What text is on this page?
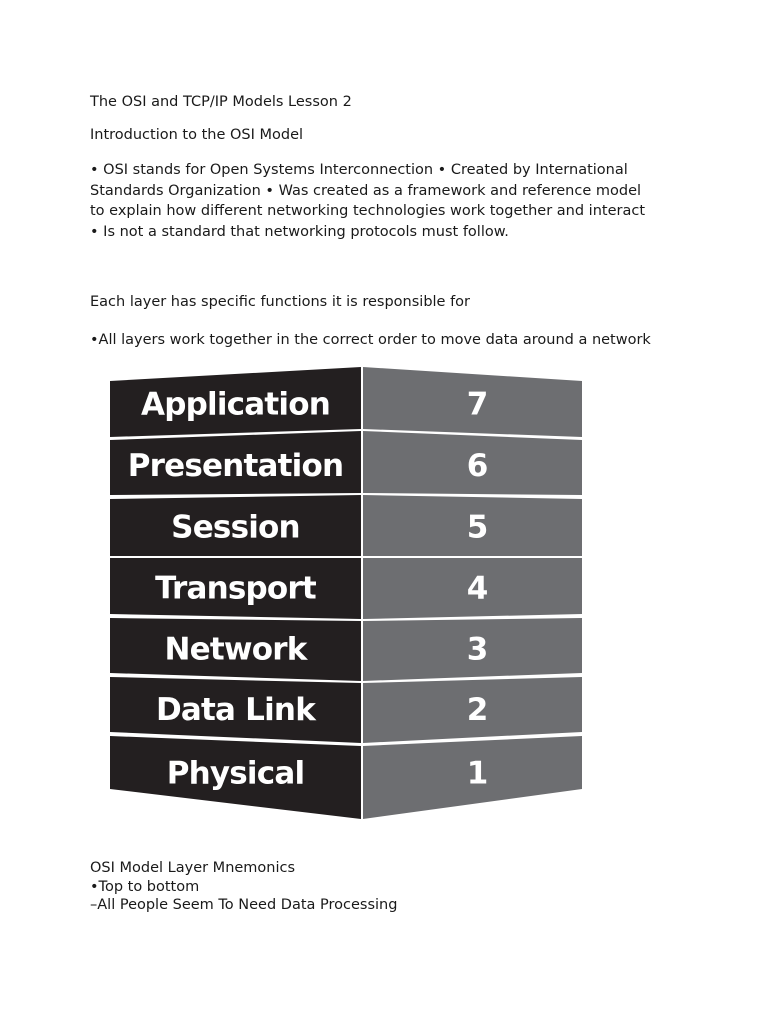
The OSI and TCP/IP Models Lesson 2

Introduction to the OSI Model

• OSI stands for Open Systems Interconnection • Created by International
Standards Organization • Was created as a framework and reference model
to explain how different networking technologies work together and interact
• Is not a standard that networking protocols must follow.

Each layer has specific functions it is responsible for

•All layers work together in the correct order to move data around a network

Application	7
Presentation	6
Session	5
Transport	4
Network	3
Data Link	2
Physical	1

OSI Model Layer Mnemonics

•Top to bottom

–All People Seem To Need Data Processing
